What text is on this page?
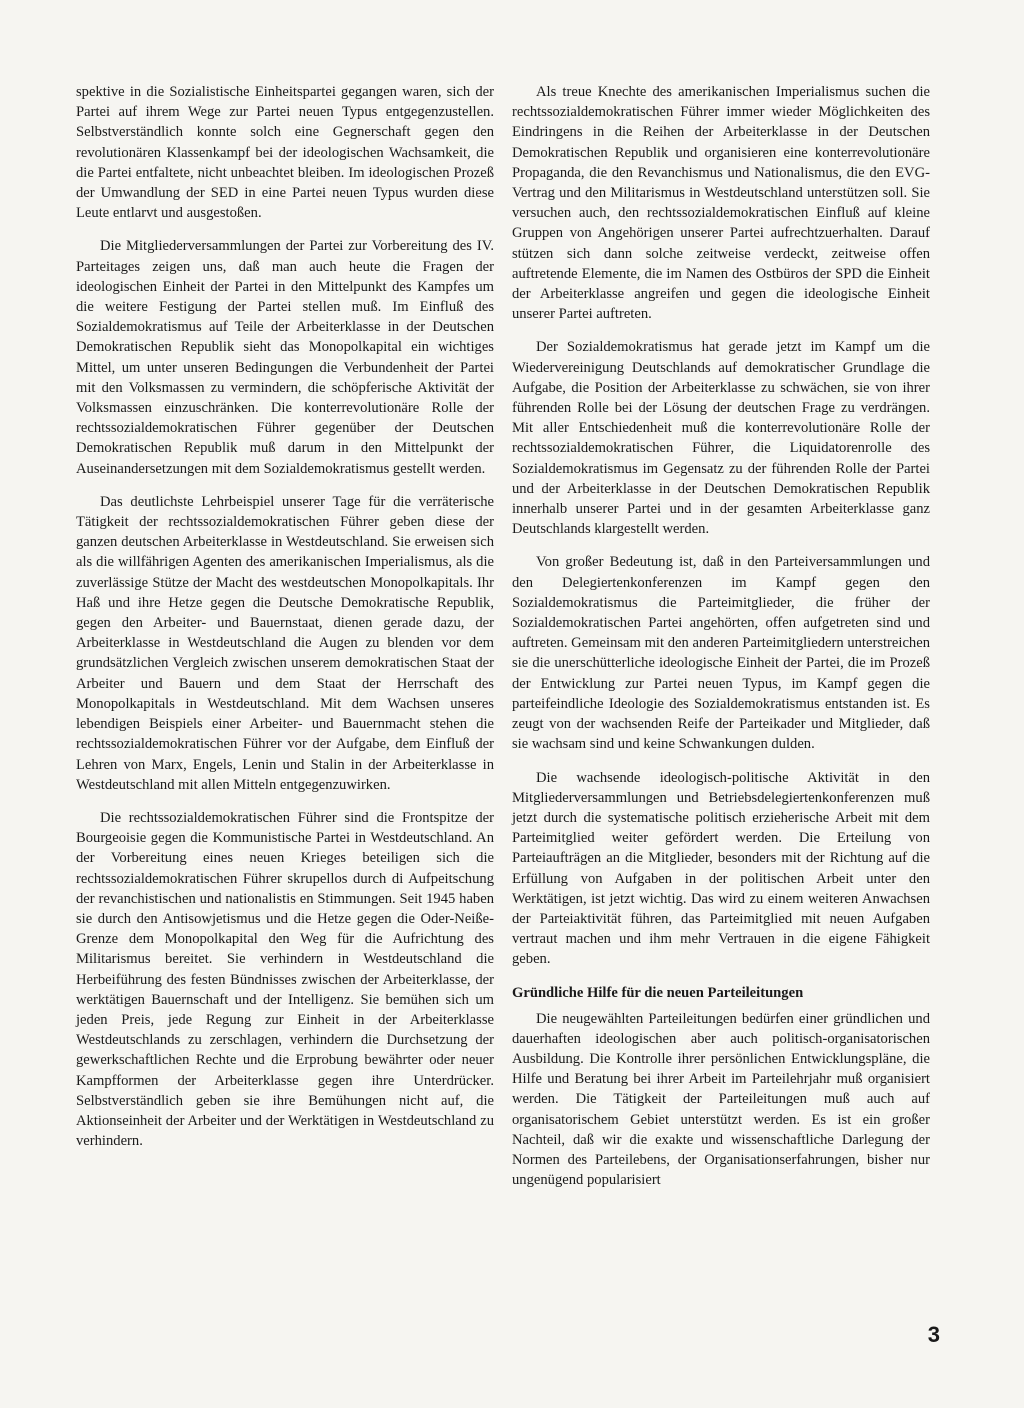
spektive in die Sozialistische Einheitspartei gegangen waren, sich der Partei auf ihrem Wege zur Partei neuen Typus entgegenzustellen. Selbstverständlich konnte solch eine Gegnerschaft gegen den revolutionären Klassenkampf bei der ideologischen Wachsamkeit, die die Partei entfaltete, nicht unbeachtet bleiben. Im ideologischen Prozeß der Umwandlung der SED in eine Partei neuen Typus wurden diese Leute entlarvt und ausgestoßen.

Die Mitgliederversammlungen der Partei zur Vorbereitung des IV. Parteitages zeigen uns, daß man auch heute die Fragen der ideologischen Einheit der Partei in den Mittelpunkt des Kampfes um die weitere Festigung der Partei stellen muß. Im Einfluß des Sozialdemokratismus auf Teile der Arbeiterklasse in der Deutschen Demokratischen Republik sieht das Monopolkapital ein wichtiges Mittel, um unter unseren Bedingungen die Verbundenheit der Partei mit den Volksmassen zu vermindern, die schöpferische Aktivität der Volksmassen einzuschränken. Die konterrevolutionäre Rolle der rechtssozialdemokratischen Führer gegenüber der Deutschen Demokratischen Republik muß darum in den Mittelpunkt der Auseinandersetzungen mit dem Sozialdemokratismus gestellt werden.

Das deutlichste Lehrbeispiel unserer Tage für die verräterische Tätigkeit der rechtssozialdemokratischen Führer geben diese der ganzen deutschen Arbeiterklasse in Westdeutschland. Sie erweisen sich als die willfährigen Agenten des amerikanischen Imperialismus, als die zuverlässige Stütze der Macht des westdeutschen Monopolkapitals. Ihr Haß und ihre Hetze gegen die Deutsche Demokratische Republik, gegen den Arbeiter- und Bauernstaat, dienen gerade dazu, der Arbeiterklasse in Westdeutschland die Augen zu blenden vor dem grundsätzlichen Vergleich zwischen unserem demokratischen Staat der Arbeiter und Bauern und dem Staat der Herrschaft des Monopolkapitals in Westdeutschland. Mit dem Wachsen unseres lebendigen Beispiels einer Arbeiter- und Bauernmacht stehen die rechtssozialdemokratischen Führer vor der Aufgabe, dem Einfluß der Lehren von Marx, Engels, Lenin und Stalin in der Arbeiterklasse in Westdeutschland mit allen Mitteln entgegenzuwirken.

Die rechtssozialdemokratischen Führer sind die Frontspitze der Bourgeoisie gegen die Kommunistische Partei in Westdeutschland. An der Vorbereitung eines neuen Krieges beteiligen sich die rechtssozialdemokratischen Führer skrupellos durch di Aufpeitschung der revanchistischen und nationalistis en Stimmungen. Seit 1945 haben sie durch den Antisowjetismus und die Hetze gegen die Oder-Neiße-Grenze dem Monopolkapital den Weg für die Aufrichtung des Militarismus bereitet. Sie verhindern in Westdeutschland die Herbeiführung des festen Bündnisses zwischen der Arbeiterklasse, der werktätigen Bauernschaft und der Intelligenz. Sie bemühen sich um jeden Preis, jede Regung zur Einheit in der Arbeiterklasse Westdeutschlands zu zerschlagen, verhindern die Durchsetzung der gewerkschaftlichen Rechte und die Erprobung bewährter oder neuer Kampfformen der Arbeiterklasse gegen ihre Unterdrücker. Selbstverständlich geben sie ihre Bemühungen nicht auf, die Aktionseinheit der Arbeiter und der Werktätigen in Westdeutschland zu verhindern.

Als treue Knechte des amerikanischen Imperialismus suchen die rechtssozialdemokratischen Führer immer wieder Möglichkeiten des Eindringens in die Reihen der Arbeiterklasse in der Deutschen Demokratischen Republik und organisieren eine konterrevolutionäre Propaganda, die den Revanchismus und Nationalismus, die den EVG-Vertrag und den Militarismus in Westdeutschland unterstützen soll. Sie versuchen auch, den rechtssozialdemokratischen Einfluß auf kleine Gruppen von Angehörigen unserer Partei aufrechtzuerhalten. Darauf stützen sich dann solche zeitweise verdeckt, zeitweise offen auftretende Elemente, die im Namen des Ostbüros der SPD die Einheit der Arbeiterklasse angreifen und gegen die ideologische Einheit unserer Partei auftreten.

Der Sozialdemokratismus hat gerade jetzt im Kampf um die Wiedervereinigung Deutschlands auf demokratischer Grundlage die Aufgabe, die Position der Arbeiterklasse zu schwächen, sie von ihrer führenden Rolle bei der Lösung der deutschen Frage zu verdrängen. Mit aller Entschiedenheit muß die konterrevolutionäre Rolle der rechtssozialdemokratischen Führer, die Liquidatorenrolle des Sozialdemokratismus im Gegensatz zu der führenden Rolle der Partei und der Arbeiterklasse in der Deutschen Demokratischen Republik innerhalb unserer Partei und in der gesamten Arbeiterklasse ganz Deutschlands klargestellt werden.

Von großer Bedeutung ist, daß in den Parteiversammlungen und den Delegiertenkonferenzen im Kampf gegen den Sozialdemokratismus die Parteimitglieder, die früher der Sozialdemokratischen Partei angehörten, offen aufgetreten sind und auftreten. Gemeinsam mit den anderen Parteimitgliedern unterstreichen sie die unerschütterliche ideologische Einheit der Partei, die im Prozeß der Entwicklung zur Partei neuen Typus, im Kampf gegen die parteifeindliche Ideologie des Sozialdemokratismus entstanden ist. Es zeugt von der wachsenden Reife der Parteikader und Mitglieder, daß sie wachsam sind und keine Schwankungen dulden.

Die wachsende ideologisch-politische Aktivität in den Mitgliederversammlungen und Betriebsdelegiertenkonferenzen muß jetzt durch die systematische politisch erzieherische Arbeit mit dem Parteimitglied weiter gefördert werden. Die Erteilung von Parteiaufträgen an die Mitglieder, besonders mit der Richtung auf die Erfüllung von Aufgaben in der politischen Arbeit unter den Werktätigen, ist jetzt wichtig. Das wird zu einem weiteren Anwachsen der Parteiaktivität führen, das Parteimitglied mit neuen Aufgaben vertraut machen und ihm mehr Vertrauen in die eigene Fähigkeit geben.

Gründliche Hilfe für die neuen Parteileitungen

Die neugewählten Parteileitungen bedürfen einer gründlichen und dauerhaften ideologischen aber auch politisch-organisatorischen Ausbildung. Die Kontrolle ihrer persönlichen Entwicklungspläne, die Hilfe und Beratung bei ihrer Arbeit im Parteilehrjahr muß organisiert werden. Die Tätigkeit der Parteileitungen muß auch auf organisatorischem Gebiet unterstützt werden. Es ist ein großer Nachteil, daß wir die exakte und wissenschaftliche Darlegung der Normen des Parteilebens, der Organisationserfahrungen, bisher nur ungenügend popularisiert

3
